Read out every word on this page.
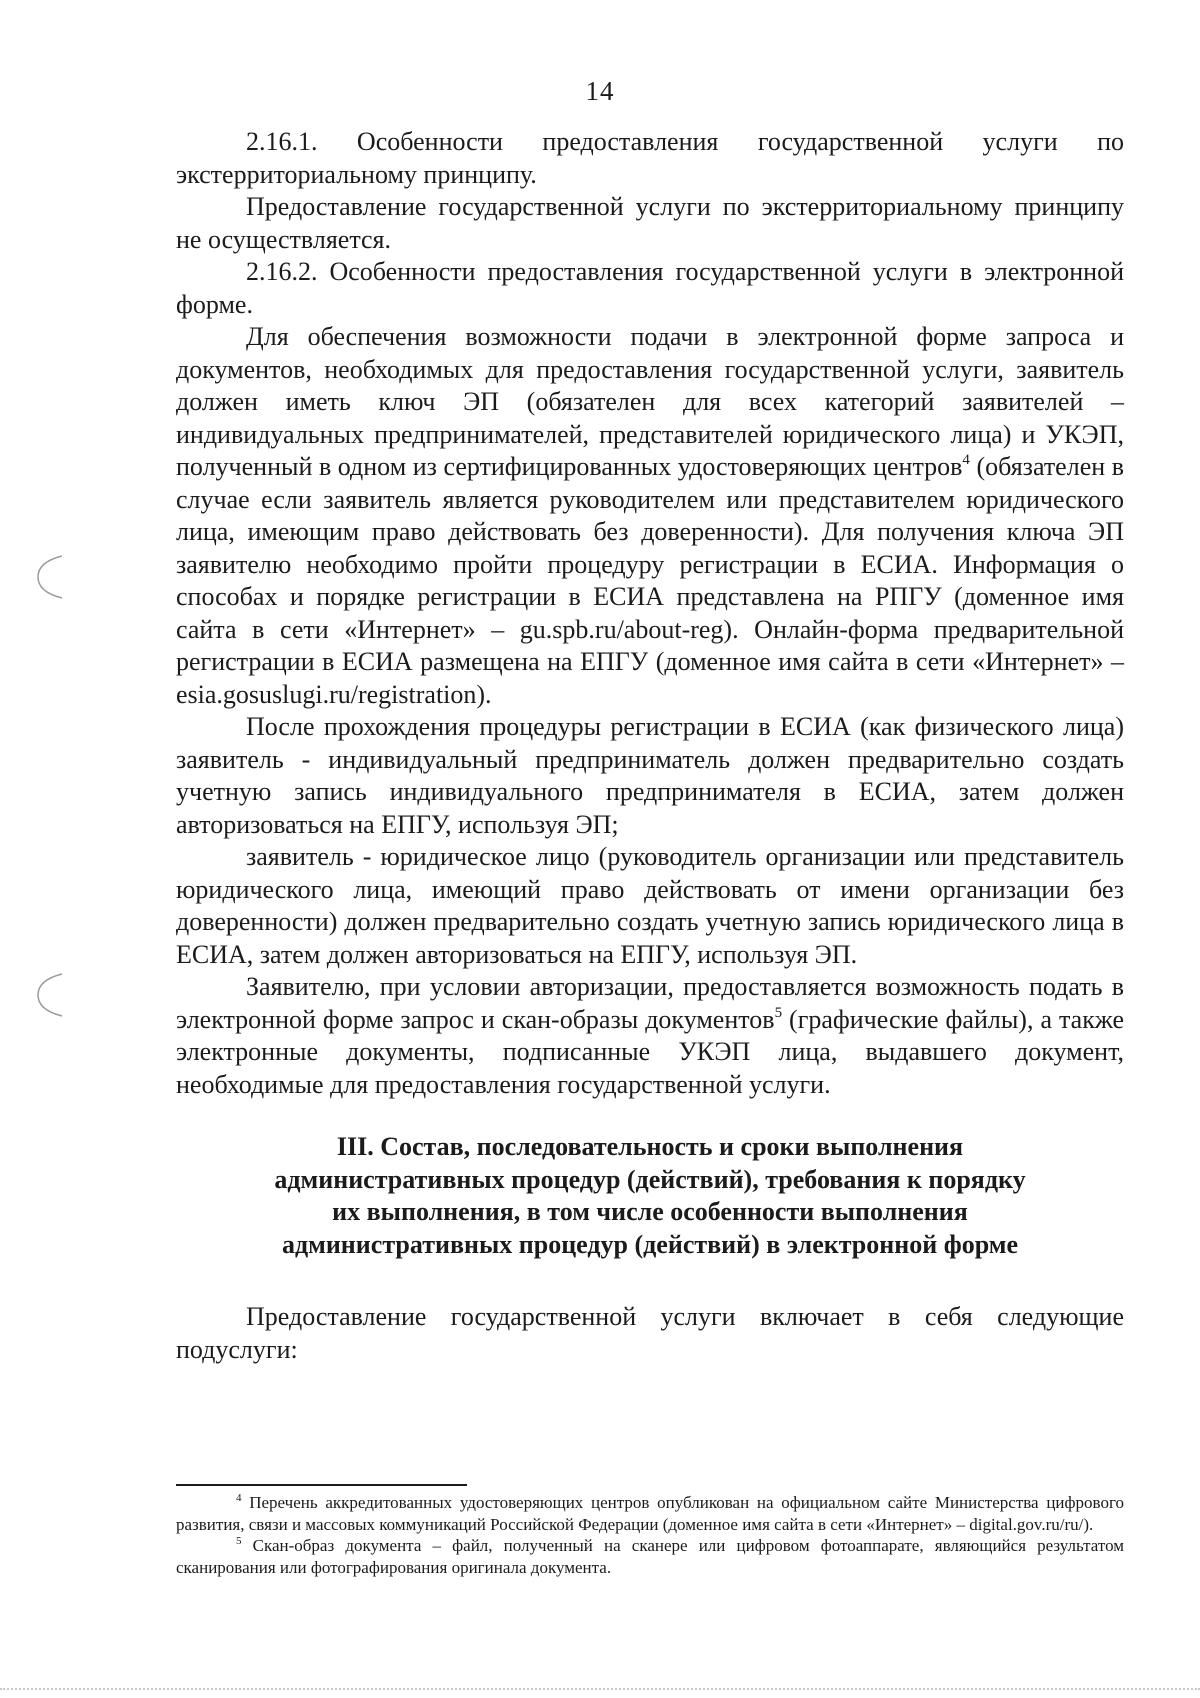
14

2.16.1. Особенности предоставления государственной услуги по экстерриториальному принципу.

Предоставление государственной услуги по экстерриториальному принципу не осуществляется.

2.16.2. Особенности предоставления государственной услуги в электронной форме.

Для обеспечения возможности подачи в электронной форме запроса и документов, необходимых для предоставления государственной услуги, заявитель должен иметь ключ ЭП (обязателен для всех категорий заявителей – индивидуальных предпринимателей, представителей юридического лица) и УКЭП, полученный в одном из сертифицированных удостоверяющих центров$^4$ (обязателен в случае если заявитель является руководителем или представителем юридического лица, имеющим право действовать без доверенности). Для получения ключа ЭП заявителю необходимо пройти процедуру регистрации в ЕСИА. Информация о способах и порядке регистрации в ЕСИА представлена на РПГУ (доменное имя сайта в сети «Интернет» – gu.spb.ru/about-reg). Онлайн-форма предварительной регистрации в ЕСИА размещена на ЕПГУ (доменное имя сайта в сети «Интернет» – esia.gosuslugi.ru/registration).

После прохождения процедуры регистрации в ЕСИА (как физического лица) заявитель - индивидуальный предприниматель должен предварительно создать учетную запись индивидуального предпринимателя в ЕСИА, затем должен авторизоваться на ЕПГУ, используя ЭП;

заявитель - юридическое лицо (руководитель организации или представитель юридического лица, имеющий право действовать от имени организации без доверенности) должен предварительно создать учетную запись юридического лица в ЕСИА, затем должен авторизоваться на ЕПГУ, используя ЭП.

Заявителю, при условии авторизации, предоставляется возможность подать в электронной форме запрос и скан-образы документов$^5$ (графические файлы), а также электронные документы, подписанные УКЭП лица, выдавшего документ, необходимые для предоставления государственной услуги.

III. Состав, последовательность и сроки выполнения
административных процедур (действий), требования к порядку
их выполнения, в том числе особенности выполнения
административных процедур (действий) в электронной форме

Предоставление государственной услуги включает в себя следующие подуслуги:

$^4$ Перечень аккредитованных удостоверяющих центров опубликован на официальном сайте Министерства цифрового развития, связи и массовых коммуникаций Российской Федерации (доменное имя сайта в сети «Интернет» – digital.gov.ru/ru/).

$^5$ Скан-образ документа – файл, полученный на сканере или цифровом фотоаппарате, являющийся результатом сканирования или фотографирования оригинала документа.
